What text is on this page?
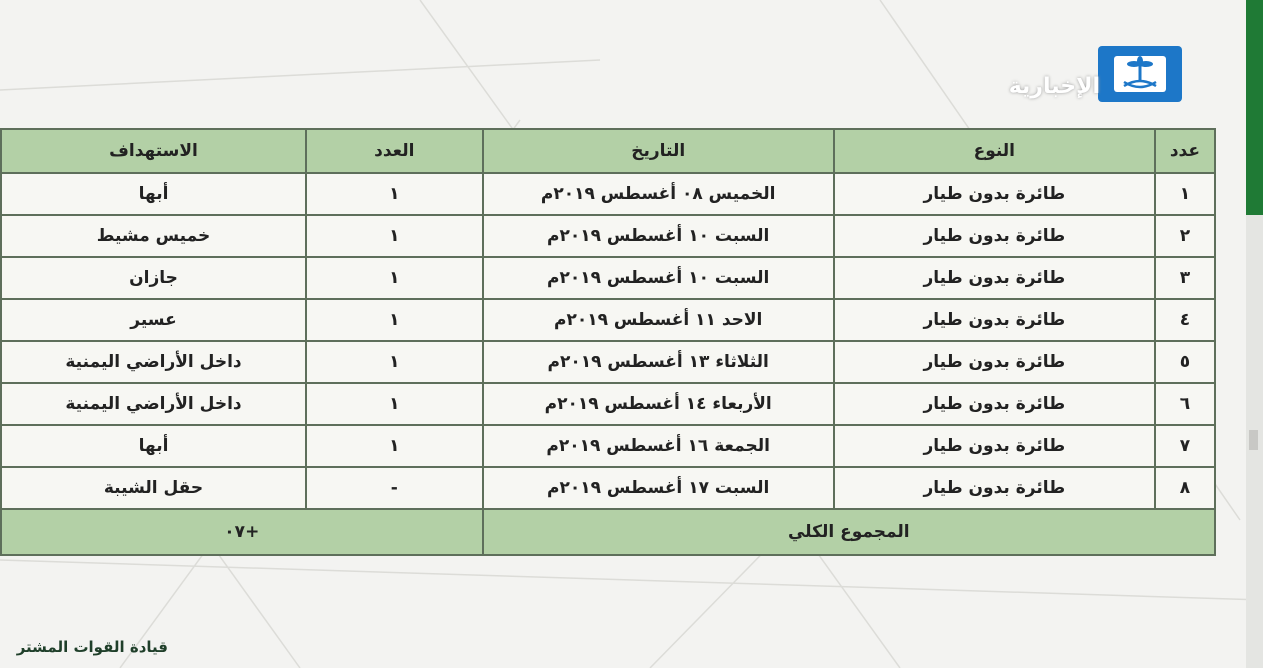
الإخبارية
عدد	النوع	التاريخ	العدد	الاستهداف
١	طائرة بدون طيار	الخميس ٠٨ أغسطس ٢٠١٩م	١	أبها
٢	طائرة بدون طيار	السبت ١٠ أغسطس ٢٠١٩م	١	خميس مشيط
٣	طائرة بدون طيار	السبت ١٠ أغسطس ٢٠١٩م	١	جازان
٤	طائرة بدون طيار	الاحد ١١ أغسطس ٢٠١٩م	١	عسير
٥	طائرة بدون طيار	الثلاثاء ١٣ أغسطس ٢٠١٩م	١	داخل الأراضي اليمنية
٦	طائرة بدون طيار	الأربعاء ١٤ أغسطس ٢٠١٩م	١	داخل الأراضي اليمنية
٧	طائرة بدون طيار	الجمعة ١٦ أغسطس ٢٠١٩م	١	أبها
٨	طائرة بدون طيار	السبت ١٧ أغسطس ٢٠١٩م	-	حقل الشيبة
المجموع الكلي			+٠٧	
قيادة القوات المشتر
